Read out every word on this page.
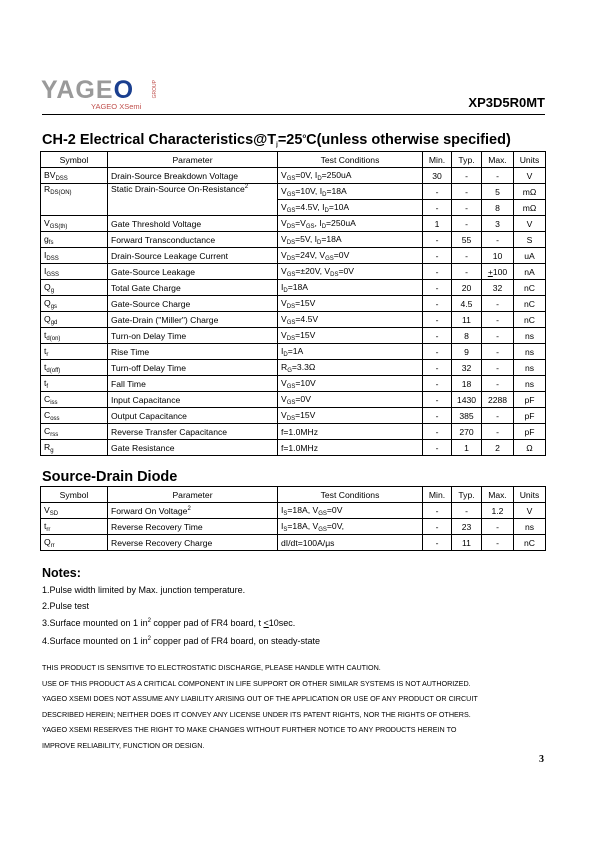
YAGEO
YAGEO XSemi
GROUP
XP3D5R0MT
CH-2 Electrical $Characteristics@T_j=25^oC(unless$ otherwise specified)
Symbol	Parameter	Test Conditions	Min.	Typ.	Max.	Units
$BV_{DSS}$	Drain-Source Breakdown Voltage	$V_{GS}=0V$, $I_D=250uA$	30	-	-	V
$R_{DS(ON)}$	Static Drain-Source On-Resistance$^2$	$V_{GS}=10V$, $I_D=18A$	-	-	5	mΩ
		$V_{GS}=4.5V$, $I_D=10A$	-	-	8	mΩ
$V_{GS(th)}$	Gate Threshold Voltage	$V_{DS}=V_{GS}$, $I_D=250uA$	1	-	3	V
$g_{fs}$	Forward Transconductance	$V_{DS}=5V$, $I_D=18A$	-	55	-	S
$I_{DSS}$	Drain-Source Leakage Current	$V_{DS}=24V$, $V_{GS}=0V$	-	-	10	uA
$I_{GSS}$	Gate-Source Leakage	$V_{GS}=\pm 20V$, $V_{DS}=0V$	-	-	+100	nA
$Q_g$	Total Gate Charge	$I_D=18A$	-	20	32	nC
$Q_{gs}$	Gate-Source Charge	$V_{DS}=15V$	-	4.5	-	nC
$Q_{gd}$	Gate-Drain ("Miller") Charge	$V_{GS}=4.5V$	-	11	-	nC
$t_{d(on)}$	Turn-on Delay Time	$V_{DS}=15V$	-	8	-	ns
$t_r$	Rise Time	$I_D=1A$	-	9	-	ns
$t_{d(off)}$	Turn-off Delay Time	$R_G=3.3\Omega$	-	32	-	ns
$t_f$	Fall Time	$V_{GS}=10V$	-	18	-	ns
$C_{iss}$	Input Capacitance	$V_{GS}=0V$	-	1430	2288	pF
$C_{oss}$	Output Capacitance	$V_{DS}=15V$	-	385	-	pF
$C_{rss}$	Reverse Transfer Capacitance	f=1.0MHz	-	270	-	pF
$R_g$	Gate Resistance	f=1.0MHz	-	1	2	Ω
Source-Drain Diode
Symbol	Parameter	Test Conditions	Min.	Typ.	Max.	Units
$V_{SD}$	Forward On Voltage$^2$	$I_S=18A$, $V_{GS}=0V$	-	-	1.2	V
$t_{rr}$	Reverse Recovery Time	$I_S=18A$, $V_{GS}=0V$,	-	23	-	ns
$Q_{rr}$	Reverse Recovery Charge	dI/dt=100A/μs	-	11	-	nC
Notes:
1.Pulse width limited by Max. junction temperature.
2.Pulse test
3.Surface mounted on 1 $in^2$ copper pad of FR4 board, t <10sec.
4.Surface mounted on 1 $in^2$ copper pad of FR4 board, on steady-state
THIS PRODUCT IS SENSITIVE TO ELECTROSTATIC DISCHARGE, PLEASE HANDLE WITH CAUTION.
USE OF THIS PRODUCT AS A CRITICAL COMPONENT IN LIFE SUPPORT OR OTHER SIMILAR SYSTEMS IS NOT AUTHORIZED.
YAGEO XSEMI DOES NOT ASSUME ANY LIABILITY ARISING OUT OF THE APPLICATION OR USE OF ANY PRODUCT OR CIRCUIT
DESCRIBED HEREIN; NEITHER DOES IT CONVEY ANY LICENSE UNDER ITS PATENT RIGHTS, NOR THE RIGHTS OF OTHERS.
YAGEO XSEMI RESERVES THE RIGHT TO MAKE CHANGES WITHOUT FURTHER NOTICE TO ANY PRODUCTS HEREIN TO
IMPROVE RELIABILITY, FUNCTION OR DESIGN.
3
